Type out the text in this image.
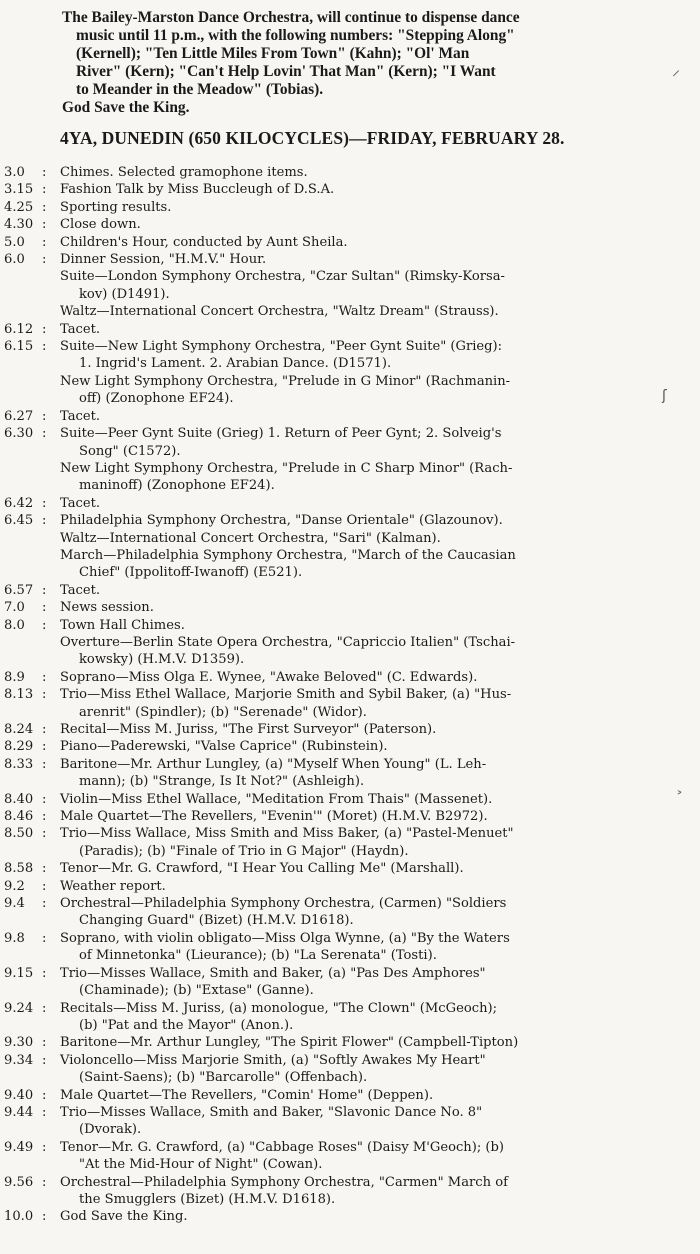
The Bailey-Marston Dance Orchestra, will continue to dispense dance
music until 11 p.m., with the following numbers: "Stepping Along"
(Kernell); "Ten Little Miles From Town" (Kahn); "Ol' Man
River" (Kern); "Can't Help Lovin' That Man" (Kern); "I Want
to Meander in the Meadow" (Tobias).
God Save the King.
4YA, DUNEDIN (650 KILOCYCLES)—FRIDAY, FEBRUARY 28.
3.0	:	Chimes. Selected gramophone items.
3.15 :	Fashion Talk by Miss Buccleugh of D.S.A.
4.25 :	Sporting results.
4.30 :	Close down.
5.0	:	Children's Hour, conducted by Aunt Sheila.
6.0	:	Dinner Session, "H.M.V." Hour.
Suite—London Symphony Orchestra, "Czar Sultan" (Rimsky-Korsa-
kov) (D1491).
Waltz—International Concert Orchestra, "Waltz Dream" (Strauss).
6.12 :	Tacet.
6.15 :	Suite—New Light Symphony Orchestra, "Peer Gynt Suite" (Grieg):
1. Ingrid's Lament. 2. Arabian Dance. (D1571).
New Light Symphony Orchestra, "Prelude in G Minor" (Rachmanin-
off) (Zonophone EF24).
6.27 :	Tacet.
6.30 :	Suite—Peer Gynt Suite (Grieg) 1. Return of Peer Gynt; 2. Solveig's
Song" (C1572).
New Light Symphony Orchestra, "Prelude in C Sharp Minor" (Rach-
maninoff) (Zonophone EF24).
6.42 :	Tacet.
6.45 :	Philadelphia Symphony Orchestra, "Danse Orientale" (Glazounov).
Waltz—International Concert Orchestra, "Sari" (Kalman).
March—Philadelphia Symphony Orchestra, "March of the Caucasian
Chief" (Ippolitoff-Iwanoff) (E521).
6.57 :	Tacet.
7.0	:	News session.
8.0	:	Town Hall Chimes.
Overture—Berlin State Opera Orchestra, "Capriccio Italien" (Tschai-
kowsky) (H.M.V. D1359).
8.9	:	Soprano—Miss Olga E. Wynee, "Awake Beloved" (C. Edwards).
8.13 :	Trio—Miss Ethel Wallace, Marjorie Smith and Sybil Baker, (a) "Hus-
arenrit" (Spindler); (b) "Serenade" (Widor).
8.24 :	Recital—Miss M. Juriss, "The First Surveyor" (Paterson).
8.29 :	Piano—Paderewski, "Valse Caprice" (Rubinstein).
8.33 :	Baritone—Mr. Arthur Lungley, (a) "Myself When Young" (L. Leh-
mann); (b) "Strange, Is It Not?" (Ashleigh).
8.40 :	Violin—Miss Ethel Wallace, "Meditation From Thais" (Massenet).
8.46 :	Male Quartet—The Revellers, "Evenin'" (Moret) (H.M.V. B2972).
8.50 :	Trio—Miss Wallace, Miss Smith and Miss Baker, (a) "Pastel-Menuet"
(Paradis); (b) "Finale of Trio in G Major" (Haydn).
8.58 :	Tenor—Mr. G. Crawford, "I Hear You Calling Me" (Marshall).
9.2	:	Weather report.
9.4	:	Orchestral—Philadelphia Symphony Orchestra, (Carmen) "Soldiers
Changing Guard" (Bizet) (H.M.V. D1618).
9.8	:	Soprano, with violin obligato—Miss Olga Wynne, (a) "By the Waters
of Minnetonka" (Lieurance); (b) "La Serenata" (Tosti).
9.15 :	Trio—Misses Wallace, Smith and Baker, (a) "Pas Des Amphores"
(Chaminade); (b) "Extase" (Ganne).
9.24 :	Recitals—Miss M. Juriss, (a) monologue, "The Clown" (McGeoch);
(b) "Pat and the Mayor" (Anon.).
9.30 :	Baritone—Mr. Arthur Lungley, "The Spirit Flower" (Campbell-Tipton)
9.34 :	Violoncello—Miss Marjorie Smith, (a) "Softly Awakes My Heart"
(Saint-Saens); (b) "Barcarolle" (Offenbach).
9.40 :	Male Quartet—The Revellers, "Comin' Home" (Deppen).
9.44 :	Trio—Misses Wallace, Smith and Baker, "Slavonic Dance No. 8"
(Dvorak).
9.49 :	Tenor—Mr. G. Crawford, (a) "Cabbage Roses" (Daisy M'Geoch); (b)
"At the Mid-Hour of Night" (Cowan).
9.56 :	Orchestral—Philadelphia Symphony Orchestra, "Carmen" March of
the Smugglers (Bizet) (H.M.V. D1618).
10.0 :	God Save the King.
⸝
ʃ
˃
